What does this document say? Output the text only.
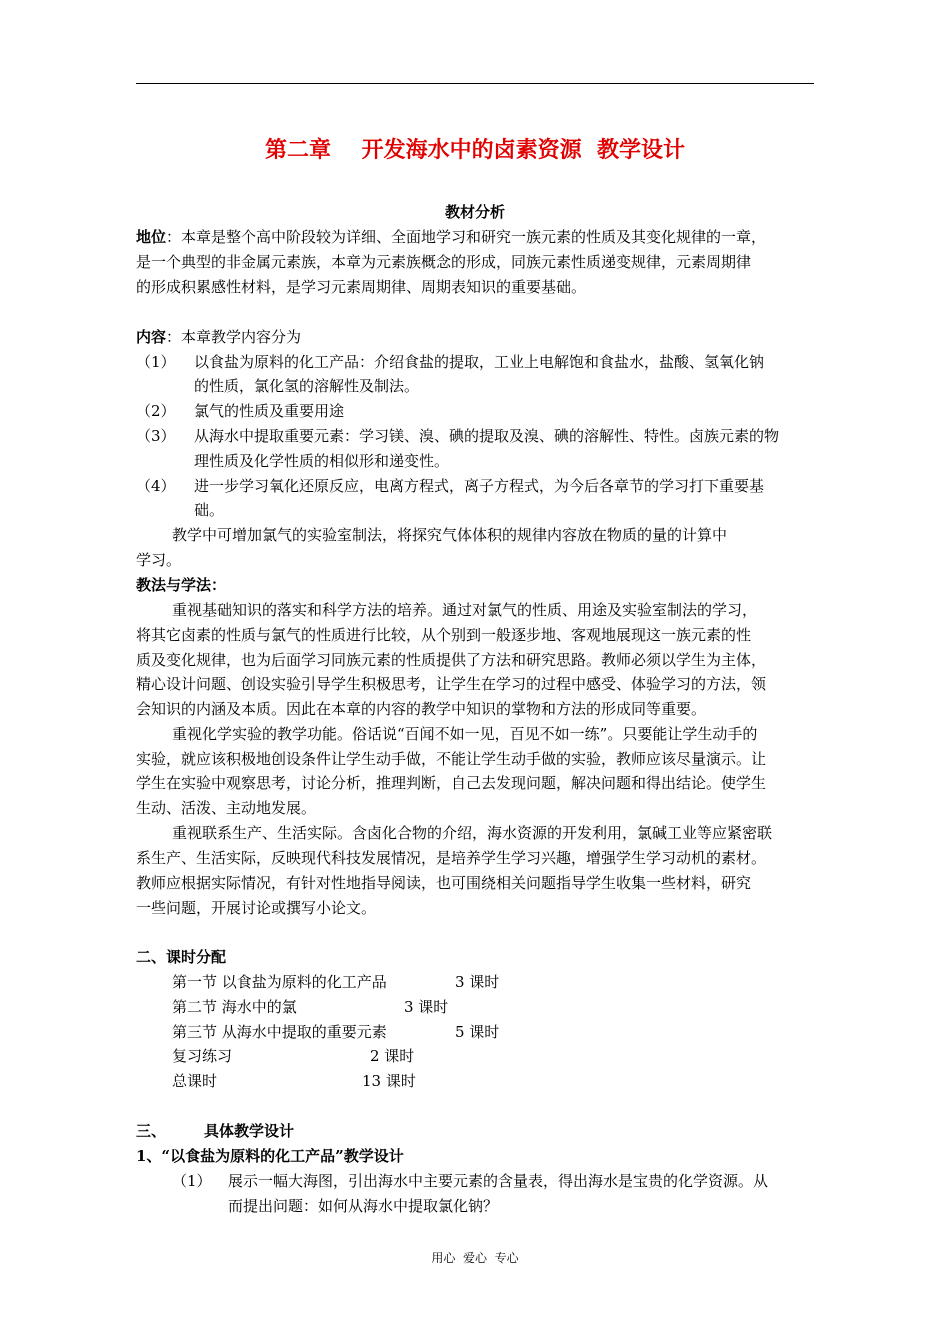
第二章    开发海水中的卤素资源  教学设计
教材分析
地位：本章是整个高中阶段较为详细、全面地学习和研究一族元素的性质及其变化规律的一章，
是一个典型的非金属元素族，本章为元素族概念的形成，同族元素性质递变规律，元素周期律
的形成积累感性材料，是学习元素周期律、周期表知识的重要基础。
内容：本章教学内容分为
（1） 以食盐为原料的化工产品：介绍食盐的提取，工业上电解饱和食盐水，盐酸、氢氧化钠
的性质，氯化氢的溶解性及制法。
（2） 氯气的性质及重要用途
（3） 从海水中提取重要元素：学习镁、溴、碘的提取及溴、碘的溶解性、特性。卤族元素的物
理性质及化学性质的相似形和递变性。
（4） 进一步学习氧化还原反应，电离方程式，离子方程式，为今后各章节的学习打下重要基
础。
教学中可增加氯气的实验室制法，将探究气体体积的规律内容放在物质的量的计算中
学习。
教法与学法：
重视基础知识的落实和科学方法的培养。通过对氯气的性质、用途及实验室制法的学习，
将其它卤素的性质与氯气的性质进行比较，从个别到一般逐步地、客观地展现这一族元素的性
质及变化规律，也为后面学习同族元素的性质提供了方法和研究思路。教师必须以学生为主体，
精心设计问题、创设实验引导学生积极思考，让学生在学习的过程中感受、体验学习的方法，领
会知识的内涵及本质。因此在本章的内容的教学中知识的掌物和方法的形成同等重要。
重视化学实验的教学功能。俗话说“百闻不如一见，百见不如一练”。只要能让学生动手的
实验，就应该积极地创设条件让学生动手做，不能让学生动手做的实验，教师应该尽量演示。让
学生在实验中观察思考，讨论分析，推理判断，自己去发现问题，解决问题和得出结论。使学生
生动、活泼、主动地发展。
重视联系生产、生活实际。含卤化合物的介绍，海水资源的开发利用，氯碱工业等应紧密联
系生产、生活实际，反映现代科技发展情况，是培养学生学习兴趣，增强学生学习动机的素材。
教师应根据实际情况，有针对性地指导阅读，也可围绕相关问题指导学生收集一些材料，研究
一些问题，开展讨论或撰写小论文。
二、课时分配
第一节 以食盐为原料的化工产品	3 课时
第二节 海水中的氯	3 课时
第三节 从海水中提取的重要元素	5 课时
复习练习	2 课时
总课时	13 课时
三、	具体教学设计
1、“以食盐为原料的化工产品”教学设计
（1） 展示一幅大海图，引出海水中主要元素的含量表，得出海水是宝贵的化学资源。从
而提出问题：如何从海水中提取氯化钠？
用心  爱心  专心
